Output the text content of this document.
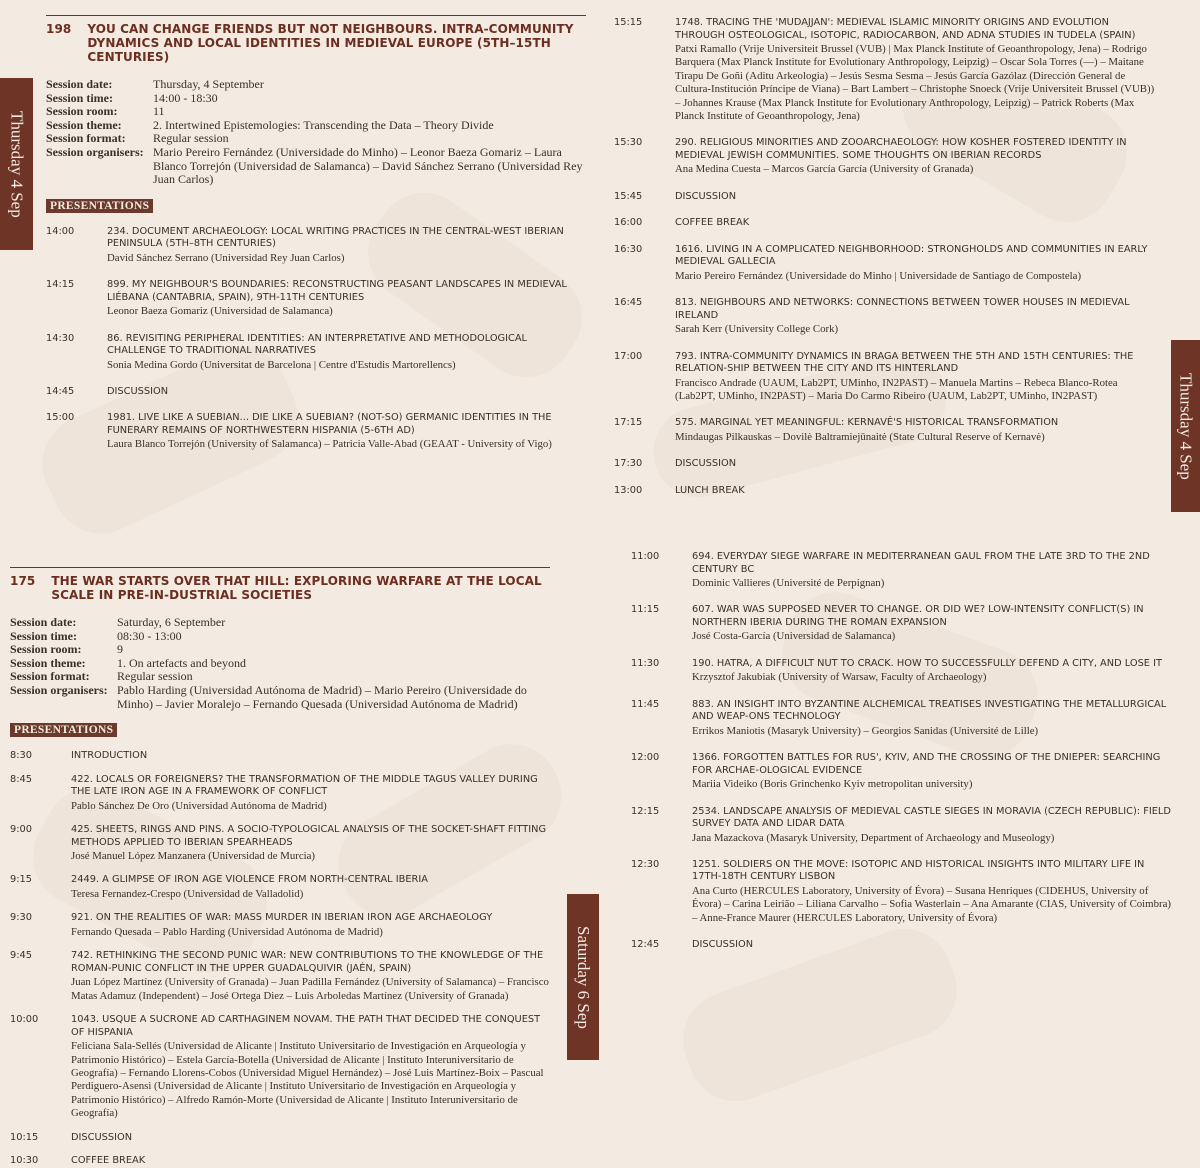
198 YOU CAN CHANGE FRIENDS BUT NOT NEIGHBOURS. INTRA-COMMUNITY DYNAMICS AND LOCAL IDENTITIES IN MEDIEVAL EUROPE (5TH–15TH CENTURIES)
Session date:	Thursday, 4 September
Session time:	14:00 - 18:30
Session room:	11
Session theme:	2. Intertwined Epistemologies: Transcending the Data – Theory Divide
Session format:	Regular session
Session organisers: Mario Pereiro Fernández (Universidade do Minho) – Leonor Baeza Gomariz – Laura Blanco Torrejón (Universidad de Salamanca) – David Sánchez Serrano (Universidad Rey Juan Carlos)
PRESENTATIONS
14:00	234. DOCUMENT ARCHAEOLOGY: LOCAL WRITING PRACTICES IN THE CENTRAL-WEST IBERIAN PENINSULA (5TH–8TH CENTURIES)
David Sánchez Serrano (Universidad Rey Juan Carlos)
14:15	899. MY NEIGHBOUR'S BOUNDARIES: RECONSTRUCTING PEASANT LANDSCAPES IN MEDIEVAL LIÉBANA (CANTABRIA, SPAIN), 9TH-11TH CENTURIES
Leonor Baeza Gomariz (Universidad de Salamanca)
14:30	86. REVISITING PERIPHERAL IDENTITIES: AN INTERPRETATIVE AND METHODOLOGICAL CHALLENGE TO TRADITIONAL NARRATIVES
Sonia Medina Gordo (Universitat de Barcelona | Centre d'Estudis Martorellencs)
14:45	DISCUSSION
15:00	1981. LIVE LIKE A SUEBIAN... DIE LIKE A SUEBIAN? (NOT-SO) GERMANIC IDENTITIES IN THE FUNERARY REMAINS OF NORTHWESTERN HISPANIA (5-6TH AD)
Laura Blanco Torrejón (University of Salamanca) – Patricia Valle-Abad (GEAAT - University of Vigo)
15:15	1748. TRACING THE 'MUDAJJAN': MEDIEVAL ISLAMIC MINORITY ORIGINS AND EVOLUTION THROUGH OSTEOLOGICAL, ISOTOPIC, RADIOCARBON, AND ADNA STUDIES IN TUDELA (SPAIN)
Patxi Ramallo (Vrije Universiteit Brussel (VUB) | Max Planck Institute of Geoanthropology, Jena) – Rodrigo Barquera (Max Planck Institute for Evolutionary Anthropology, Leipzig) – Oscar Sola Torres (—) – Maitane Tirapu De Goñi (Aditu Arkeologia) – Jesús Sesma Sesma – Jesús García Gazólaz (Dirección General de Cultura-Institución Príncipe de Viana) – Bart Lambert – Christophe Snoeck (Vrije Universiteit Brussel (VUB)) – Johannes Krause (Max Planck Institute for Evolutionary Anthropology, Leipzig) – Patrick Roberts (Max Planck Institute of Geoanthropology, Jena)
15:30	290. RELIGIOUS MINORITIES AND ZOOARCHAEOLOGY: HOW KOSHER FOSTERED IDENTITY IN MEDIEVAL JEWISH COMMUNITIES. SOME THOUGHTS ON IBERIAN RECORDS
Ana Medina Cuesta – Marcos García García (University of Granada)
15:45	DISCUSSION
16:00	COFFEE BREAK
16:30	1616. LIVING IN A COMPLICATED NEIGHBORHOOD: STRONGHOLDS AND COMMUNITIES IN EARLY MEDIEVAL GALLECIA
Mario Pereiro Fernández (Universidade do Minho | Universidade de Santiago de Compostela)
16:45	813. NEIGHBOURS AND NETWORKS: CONNECTIONS BETWEEN TOWER HOUSES IN MEDIEVAL IRELAND
Sarah Kerr (University College Cork)
17:00	793. INTRA-COMMUNITY DYNAMICS IN BRAGA BETWEEN THE 5TH AND 15TH CENTURIES: THE RELATION-SHIP BETWEEN THE CITY AND ITS HINTERLAND
Francisco Andrade (UAUM, Lab2PT, UMinho, IN2PAST) – Manuela Martins – Rebeca Blanco-Rotea (Lab2PT, UMinho, IN2PAST) – Maria Do Carmo Ribeiro (UAUM, Lab2PT, UMinho, IN2PAST)
17:15	575. MARGINAL YET MEANINGFUL: KERNAVĖ'S HISTORICAL TRANSFORMATION
Mindaugas Pilkauskas – Dovilė Baltramiejūnaitė (State Cultural Reserve of Kernavė)
17:30	DISCUSSION
13:00	LUNCH BREAK
175 THE WAR STARTS OVER THAT HILL: EXPLORING WARFARE AT THE LOCAL SCALE IN PRE-IN-DUSTRIAL SOCIETIES
Session date:	Saturday, 6 September
Session time:	08:30 - 13:00
Session room:	9
Session theme:	1. On artefacts and beyond
Session format:	Regular session
Session organisers: Pablo Harding (Universidad Autónoma de Madrid) – Mario Pereiro (Universidade do Minho) – Javier Moralejo – Fernando Quesada (Universidad Autónoma de Madrid)
PRESENTATIONS
8:30	INTRODUCTION
8:45	422. LOCALS OR FOREIGNERS? THE TRANSFORMATION OF THE MIDDLE TAGUS VALLEY DURING THE LATE IRON AGE IN A FRAMEWORK OF CONFLICT
Pablo Sánchez De Oro (Universidad Autónoma de Madrid)
9:00	425. SHEETS, RINGS AND PINS. A SOCIO-TYPOLOGICAL ANALYSIS OF THE SOCKET-SHAFT FITTING METHODS APPLIED TO IBERIAN SPEARHEADS
José Manuel López Manzanera (Universidad de Murcia)
9:15	2449. A GLIMPSE OF IRON AGE VIOLENCE FROM NORTH-CENTRAL IBERIA
Teresa Fernandez-Crespo (Universidad de Valladolid)
9:30	921. ON THE REALITIES OF WAR: MASS MURDER IN IBERIAN IRON AGE ARCHAEOLOGY
Fernando Quesada – Pablo Harding (Universidad Autónoma de Madrid)
9:45	742. RETHINKING THE SECOND PUNIC WAR: NEW CONTRIBUTIONS TO THE KNOWLEDGE OF THE ROMAN-PUNIC CONFLICT IN THE UPPER GUADALQUIVIR (JAÉN, SPAIN)
Juan López Martínez (University of Granada) – Juan Padilla Fernández (University of Salamanca) – Francisco Matas Adamuz (Independent) – José Ortega Diez – Luis Arboledas Martínez (University of Granada)
10:00	1043. USQUE A SUCRONE AD CARTHAGINEM NOVAM. THE PATH THAT DECIDED THE CONQUEST OF HISPANIA
Feliciana Sala-Sellés (Universidad de Alicante | Instituto Universitario de Investigación en Arqueología y Patrimonio Histórico) – Estela García-Botella (Universidad de Alicante | Instituto Interuniversitario de Geografía) – Fernando Llorens-Cobos (Universidad Miguel Hernández) – José Luis Martínez-Boix – Pascual Perdiguero-Asensi (Universidad de Alicante | Instituto Universitario de Investigación en Arqueología y Patrimonio Histórico) – Alfredo Ramón-Morte (Universidad de Alicante | Instituto Interuniversitario de Geografía)
10:15	DISCUSSION
10:30	COFFEE BREAK
11:00	694. EVERYDAY SIEGE WARFARE IN MEDITERRANEAN GAUL FROM THE LATE 3RD TO THE 2ND CENTURY BC
Dominic Vallieres (Université de Perpignan)
11:15	607. WAR WAS SUPPOSED NEVER TO CHANGE. OR DID WE? LOW-INTENSITY CONFLICT(S) IN NORTHERN IBERIA DURING THE ROMAN EXPANSION
José Costa-García (Universidad de Salamanca)
11:30	190. HATRA, A DIFFICULT NUT TO CRACK. HOW TO SUCCESSFULLY DEFEND A CITY, AND LOSE IT
Krzysztof Jakubiak (University of Warsaw, Faculty of Archaeology)
11:45	883. AN INSIGHT INTO BYZANTINE ALCHEMICAL TREATISES INVESTIGATING THE METALLURGICAL AND WEAP-ONS TECHNOLOGY
Errikos Maniotis (Masaryk University) – Georgios Sanidas (Université de Lille)
12:00	1366. FORGOTTEN BATTLES FOR RUS', KYIV, AND THE CROSSING OF THE DNIEPER: SEARCHING FOR ARCHAE-OLOGICAL EVIDENCE
Mariia Videiko (Boris Grinchenko Kyiv metropolitan university)
12:15	2534. LANDSCAPE ANALYSIS OF MEDIEVAL CASTLE SIEGES IN MORAVIA (CZECH REPUBLIC): FIELD SURVEY DATA AND LIDAR DATA
Jana Mazackova (Masaryk University, Department of Archaeology and Museology)
12:30	1251. SOLDIERS ON THE MOVE: ISOTOPIC AND HISTORICAL INSIGHTS INTO MILITARY LIFE IN 17TH-18TH CENTURY LISBON
Ana Curto (HERCULES Laboratory, University of Évora) – Susana Henriques (CIDEHUS, University of Évora) – Carina Leirião – Liliana Carvalho – Sofia Wasterlain – Ana Amarante (CIAS, University of Coimbra) – Anne-France Maurer (HERCULES Laboratory, University of Évora)
12:45	DISCUSSION
Thursday 4 Sep
Thursday 4 Sep
Saturday 6 Sep
